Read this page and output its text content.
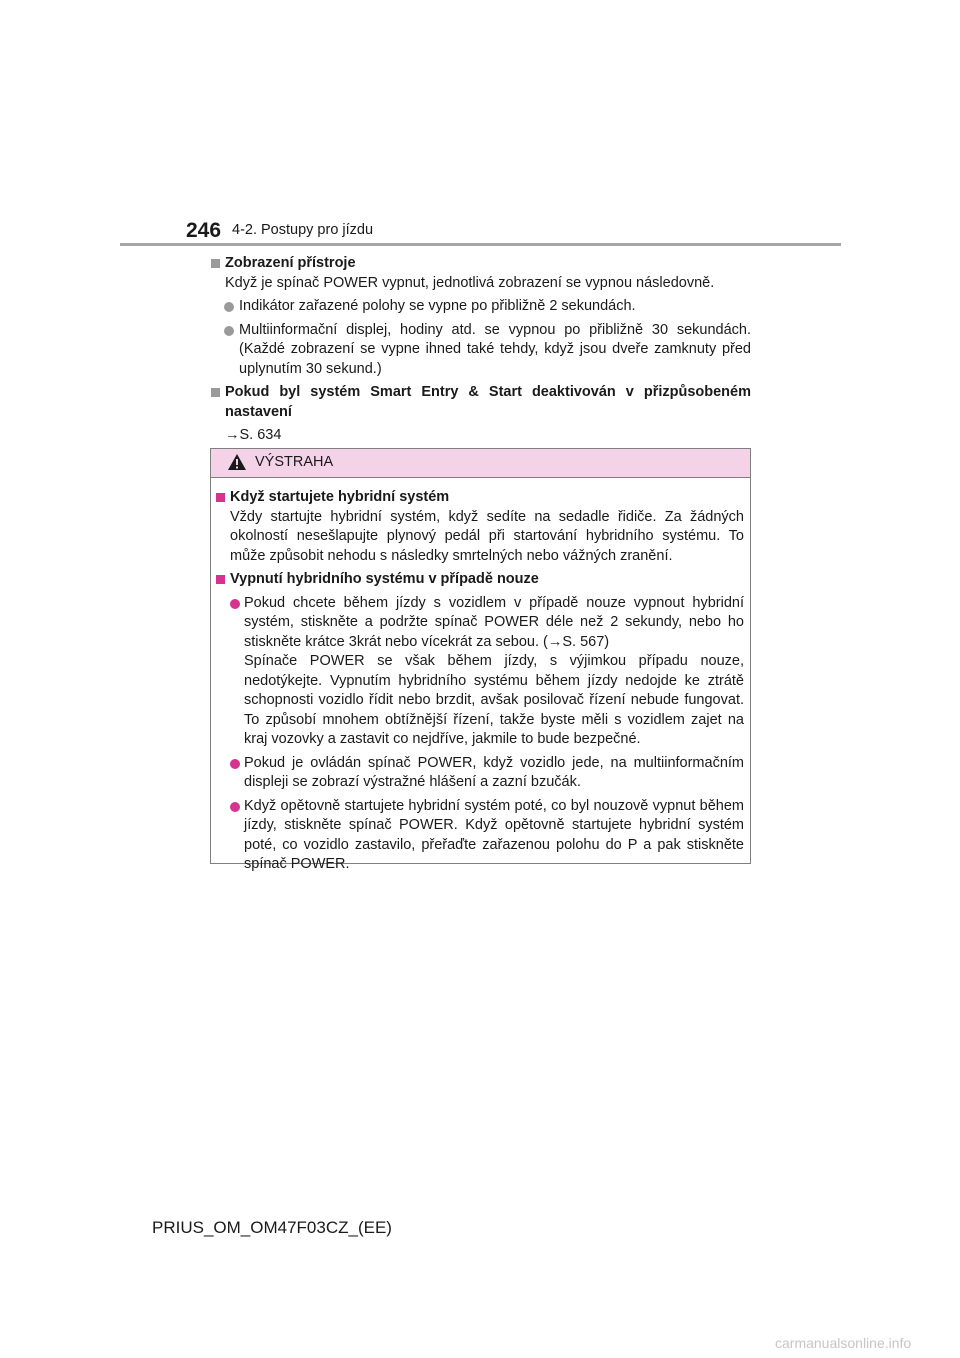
246 4-2. Postupy pro jízdu
Zobrazení přístroje
Když je spínač POWER vypnut, jednotlivá zobrazení se vypnou následovně.
Indikátor zařazené polohy se vypne po přibližně 2 sekundách.
Multiinformační displej, hodiny atd. se vypnou po přibližně 30 sekundách. (Každé zobrazení se vypne ihned také tehdy, když jsou dveře zamknuty před uplynutím 30 sekund.)
Pokud byl systém Smart Entry & Start deaktivován v přizpůsobeném nastavení
→S. 634
VÝSTRAHA
Když startujete hybridní systém
Vždy startujte hybridní systém, když sedíte na sedadle řidiče. Za žádných okolností nesešlapujte plynový pedál při startování hybridního systému. To může způsobit nehodu s následky smrtelných nebo vážných zranění.
Vypnutí hybridního systému v případě nouze
Pokud chcete během jízdy s vozidlem v případě nouze vypnout hybridní systém, stiskněte a podržte spínač POWER déle než 2 sekundy, nebo ho stiskněte krátce 3krát nebo vícekrát za sebou. (→S. 567)
Spínače POWER se však během jízdy, s výjimkou případu nouze, nedotýkejte. Vypnutím hybridního systému během jízdy nedojde ke ztrátě schopnosti vozidlo řídit nebo brzdit, avšak posilovač řízení nebude fungovat. To způsobí mnohem obtížnější řízení, takže byste měli s vozidlem zajet na kraj vozovky a zastavit co nejdříve, jakmile to bude bezpečné.
Pokud je ovládán spínač POWER, když vozidlo jede, na multiinformačním displeji se zobrazí výstražné hlášení a zazní bzučák.
Když opětovně startujete hybridní systém poté, co byl nouzově vypnut během jízdy, stiskněte spínač POWER. Když opětovně startujete hybridní systém poté, co vozidlo zastavilo, přeřaďte zařazenou polohu do P a pak stiskněte spínač POWER.
PRIUS_OM_OM47F03CZ_(EE)
carmanualsonline.info
